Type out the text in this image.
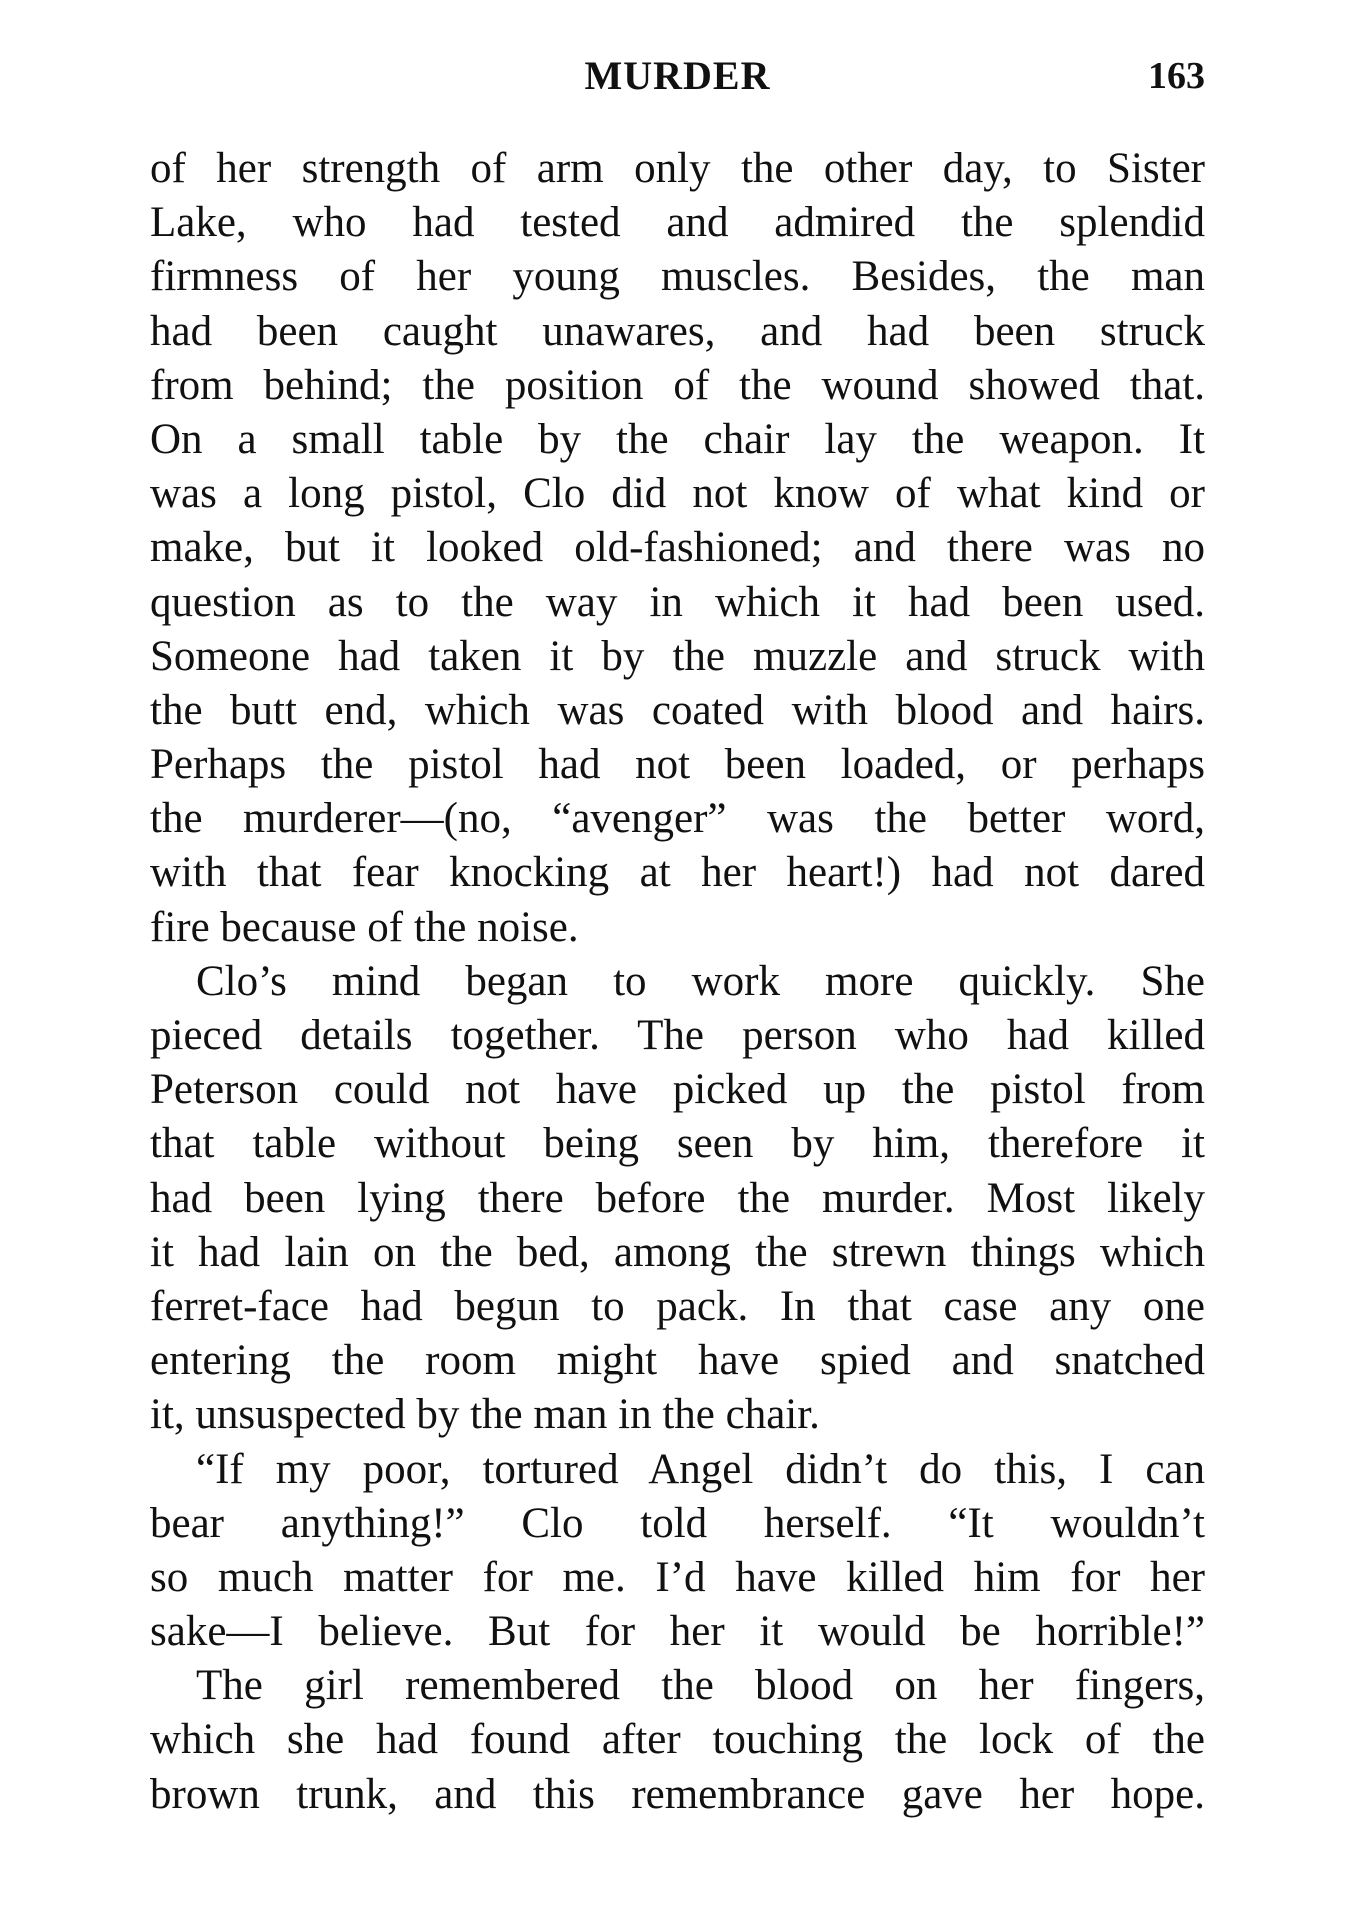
MURDER	163
of her strength of arm only the other day, to Sister
Lake, who had tested and admired the splendid
firmness of her young muscles. Besides, the man
had been caught unawares, and had been struck
from behind; the position of the wound showed that.
On a small table by the chair lay the weapon. It
was a long pistol, Clo did not know of what kind or
make, but it looked old-fashioned; and there was no
question as to the way in which it had been used.
Someone had taken it by the muzzle and struck with
the butt end, which was coated with blood and hairs.
Perhaps the pistol had not been loaded, or perhaps
the murderer—(no, “avenger” was the better word,
with that fear knocking at her heart!) had not dared
fire because of the noise.
Clo’s mind began to work more quickly. She
pieced details together. The person who had killed
Peterson could not have picked up the pistol from
that table without being seen by him, therefore it
had been lying there before the murder. Most likely
it had lain on the bed, among the strewn things which
ferret-face had begun to pack. In that case any one
entering the room might have spied and snatched
it, unsuspected by the man in the chair.
“If my poor, tortured Angel didn’t do this, I can
bear anything!” Clo told herself. “It wouldn’t
so much matter for me. I’d have killed him for her
sake—I believe. But for her it would be horrible!”
The girl remembered the blood on her fingers,
which she had found after touching the lock of the
brown trunk, and this remembrance gave her hope.
